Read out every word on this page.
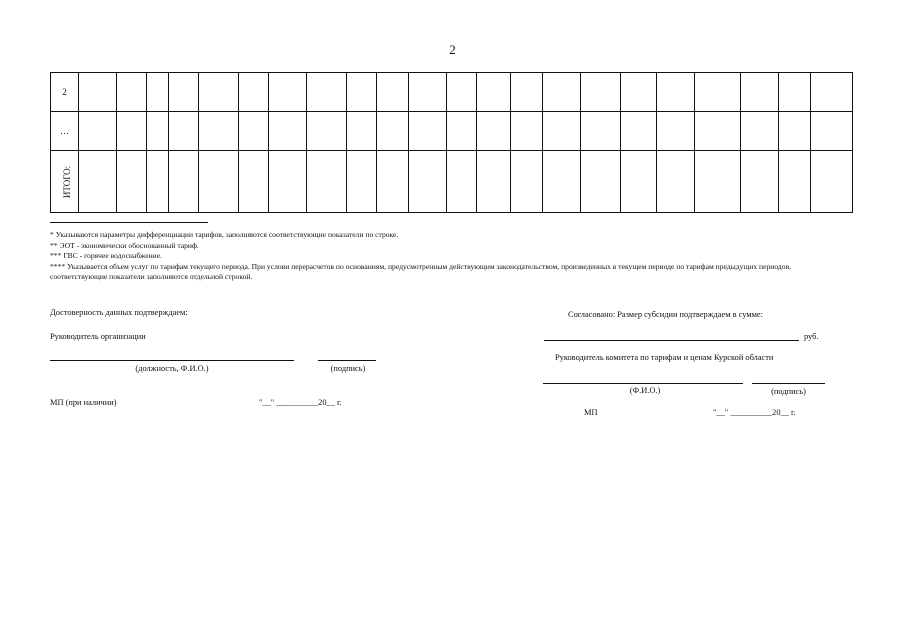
2
2																						
…																						
ИТОГО:																						

* Указываются параметры дифференциации тарифов, заполняются соответствующие показатели по строке.

** ЭОТ - экономически обоснованный тариф.

*** ГВС - горячее водоснабжение.

**** Указывается объем услуг по тарифам текущего периода. При услови перерасчетов по основаниям, предусмотренным действующим законодательством, произведенных в текущем периоде по тарифам предыдущих периодов, соответствующие показатели заполняются отдельной строкой.

Достоверность данных подтверждаем:
Руководитель организации
(должность, Ф.И.О.)	(подпись)
МП (при наличии)	"__" __________20__ г.
Согласовано: Размер субсидии подтверждаем в сумме:
руб.
Руководитель комитета по тарифам и ценам Курской области
(Ф.И.О.)	(подпись)
МП	"__" __________20__ г.
